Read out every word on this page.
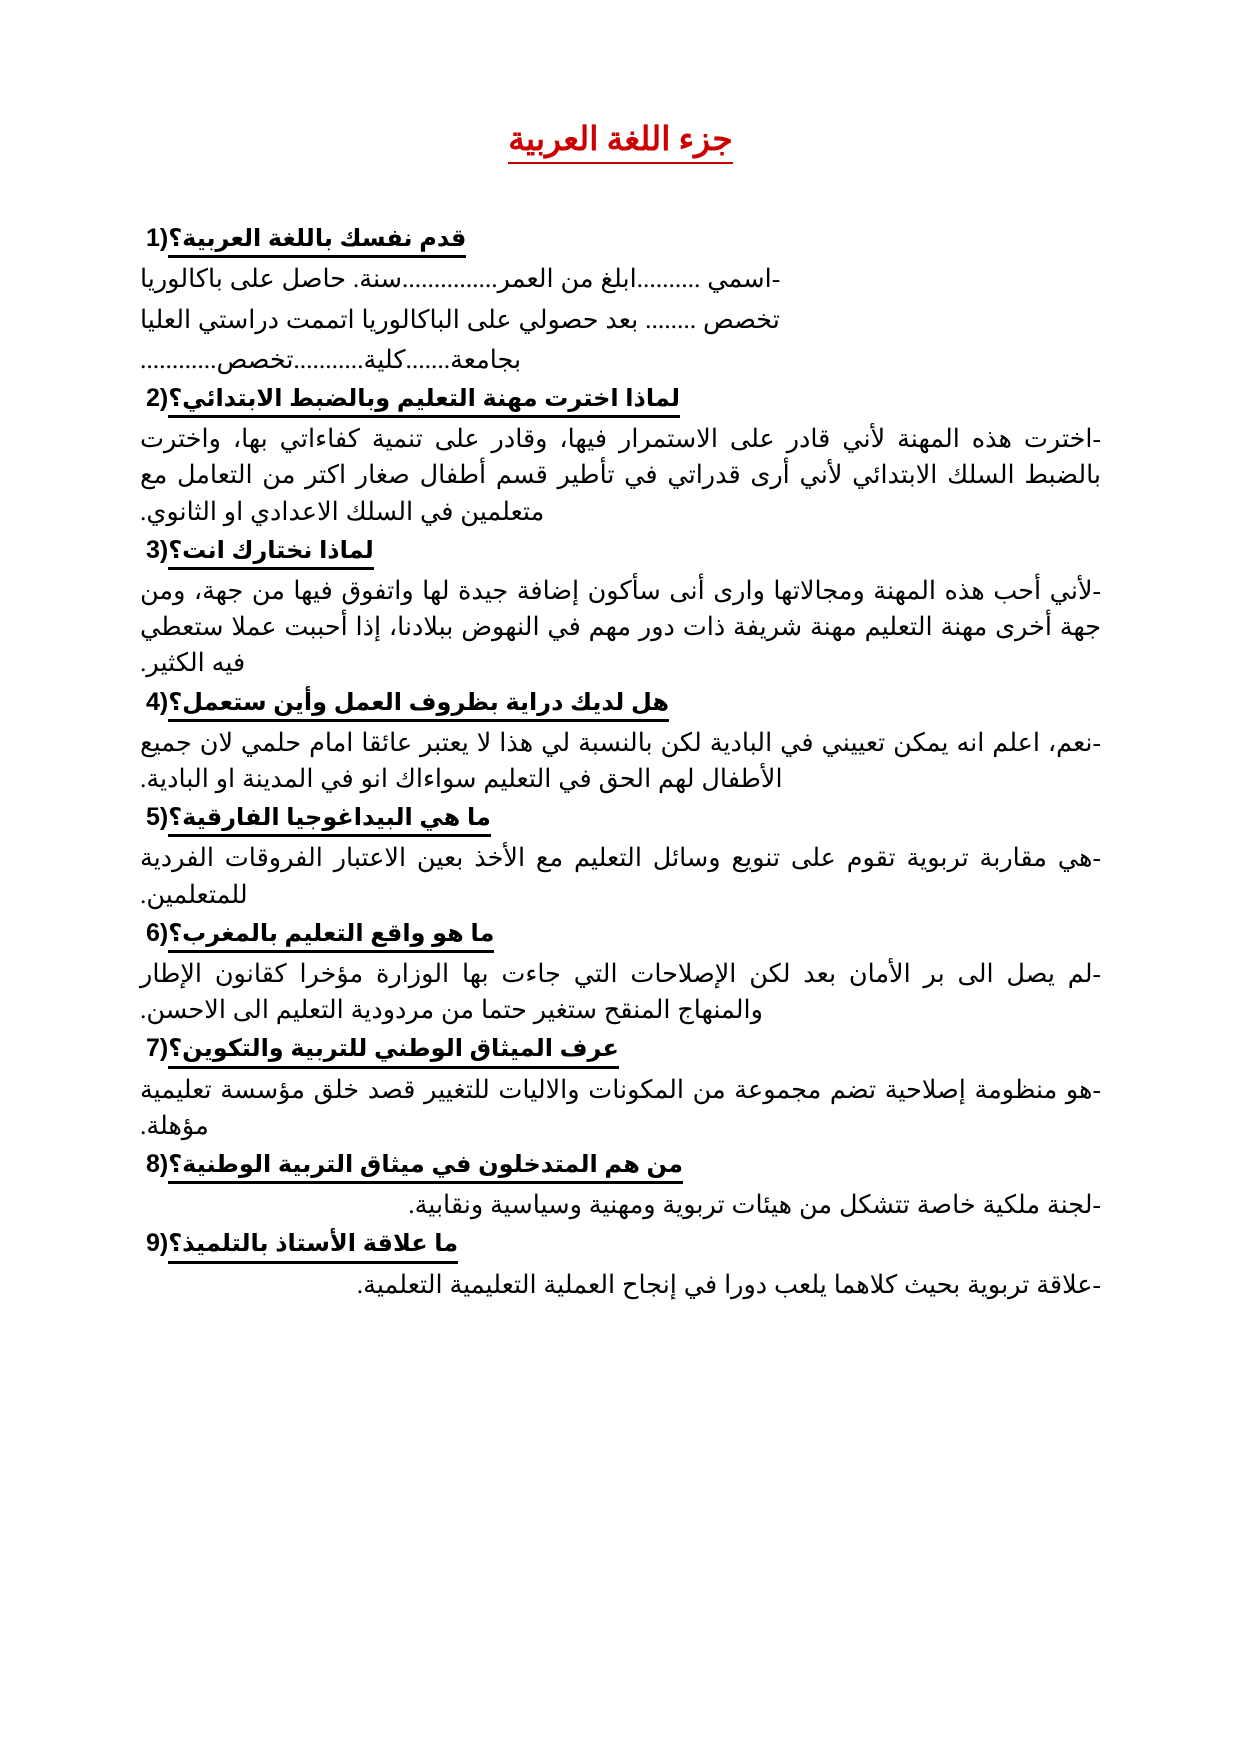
جزء اللغة العربية
1) قدم نفسك باللغة العربية؟

-اسمي ..........ابلغ من العمر...............سنة. حاصل على باكالوريا

تخصص ........ بعد حصولي على الباكالوريا اتممت دراستي العليا

بجامعة.......كلية...........تخصص............

2) لماذا اخترت مهنة التعليم وبالضبط الابتدائي؟

-اخترت هذه المهنة لأني قادر على الاستمرار فيها، وقادر على تنمية كفاءاتي بها، واخترت بالضبط السلك الابتدائي لأني أرى قدراتي في تأطير قسم أطفال صغار اكتر من التعامل مع متعلمين في السلك الاعدادي او الثانوي.

3) لماذا نختارك انت؟

-لأني أحب هذه المهنة ومجالاتها وارى أنى سأكون إضافة جيدة لها واتفوق فيها من جهة، ومن جهة أخرى مهنة التعليم مهنة شريفة ذات دور مهم في النهوض ببلادنا، إذا أحببت عملا ستعطي فيه الكثير.

4) هل لديك دراية بظروف العمل وأين ستعمل؟

-نعم، اعلم انه يمكن تعييني في البادية لكن بالنسبة لي هذا لا يعتبر عائقا امام حلمي لان جميع الأطفال لهم الحق في التعليم سواءاك انو في المدينة او البادية.

5) ما هي البيداغوجيا الفارقية؟

-هي مقاربة تربوية تقوم على تنويع وسائل التعليم مع الأخذ بعين الاعتبار الفروقات الفردية للمتعلمين.

6) ما هو واقع التعليم بالمغرب؟

-لم يصل الى بر الأمان بعد لكن الإصلاحات التي جاءت بها الوزارة مؤخرا كقانون الإطار والمنهاج المنقح ستغير حتما من مردودية التعليم الى الاحسن.

7) عرف الميثاق الوطني للتربية والتكوين؟

-هو منظومة إصلاحية تضم مجموعة من المكونات والاليات للتغيير قصد خلق مؤسسة تعليمية مؤهلة.

8) من هم المتدخلون في ميثاق التربية الوطنية؟

-لجنة ملكية خاصة تتشكل من هيئات تربوية ومهنية وسياسية ونقابية.

9) ما علاقة الأستاذ بالتلميذ؟

-علاقة تربوية بحيث كلاهما يلعب دورا في إنجاح العملية التعليمية التعلمية.
